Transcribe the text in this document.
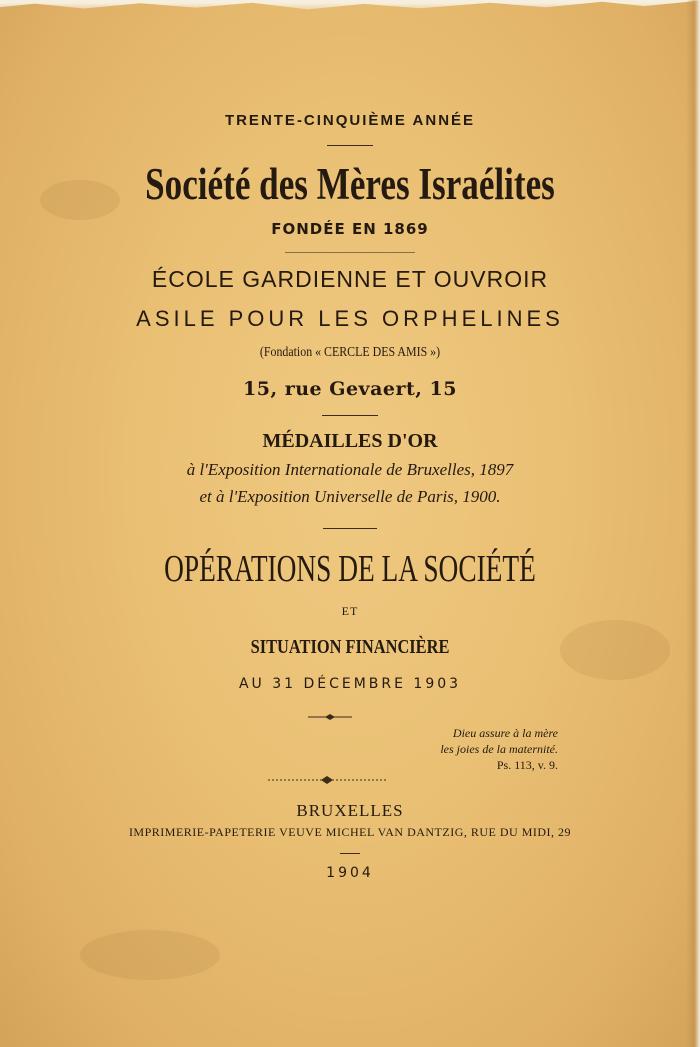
TRENTE-CINQUIÈME ANNÉE
Société des Mères Israélites
FONDÉE EN 1869
ÉCOLE GARDIENNE ET OUVROIR
ASILE POUR LES ORPHELINES
(Fondation « CERCLE DES AMIS »)
15, rue Gevaert, 15
MÉDAILLES D'OR
à l'Exposition Internationale de Bruxelles, 1897
et à l'Exposition Universelle de Paris, 1900.
OPÉRATIONS DE LA SOCIÉTÉ
ET
SITUATION FINANCIÈRE
AU 31 DÉCEMBRE 1903
Dieu assure à la mère
les joies de la maternité.
Ps. 113, v. 9.
BRUXELLES
IMPRIMERIE-PAPETERIE VEUVE MICHEL VAN DANTZIG, RUE DU MIDI, 29
1904
